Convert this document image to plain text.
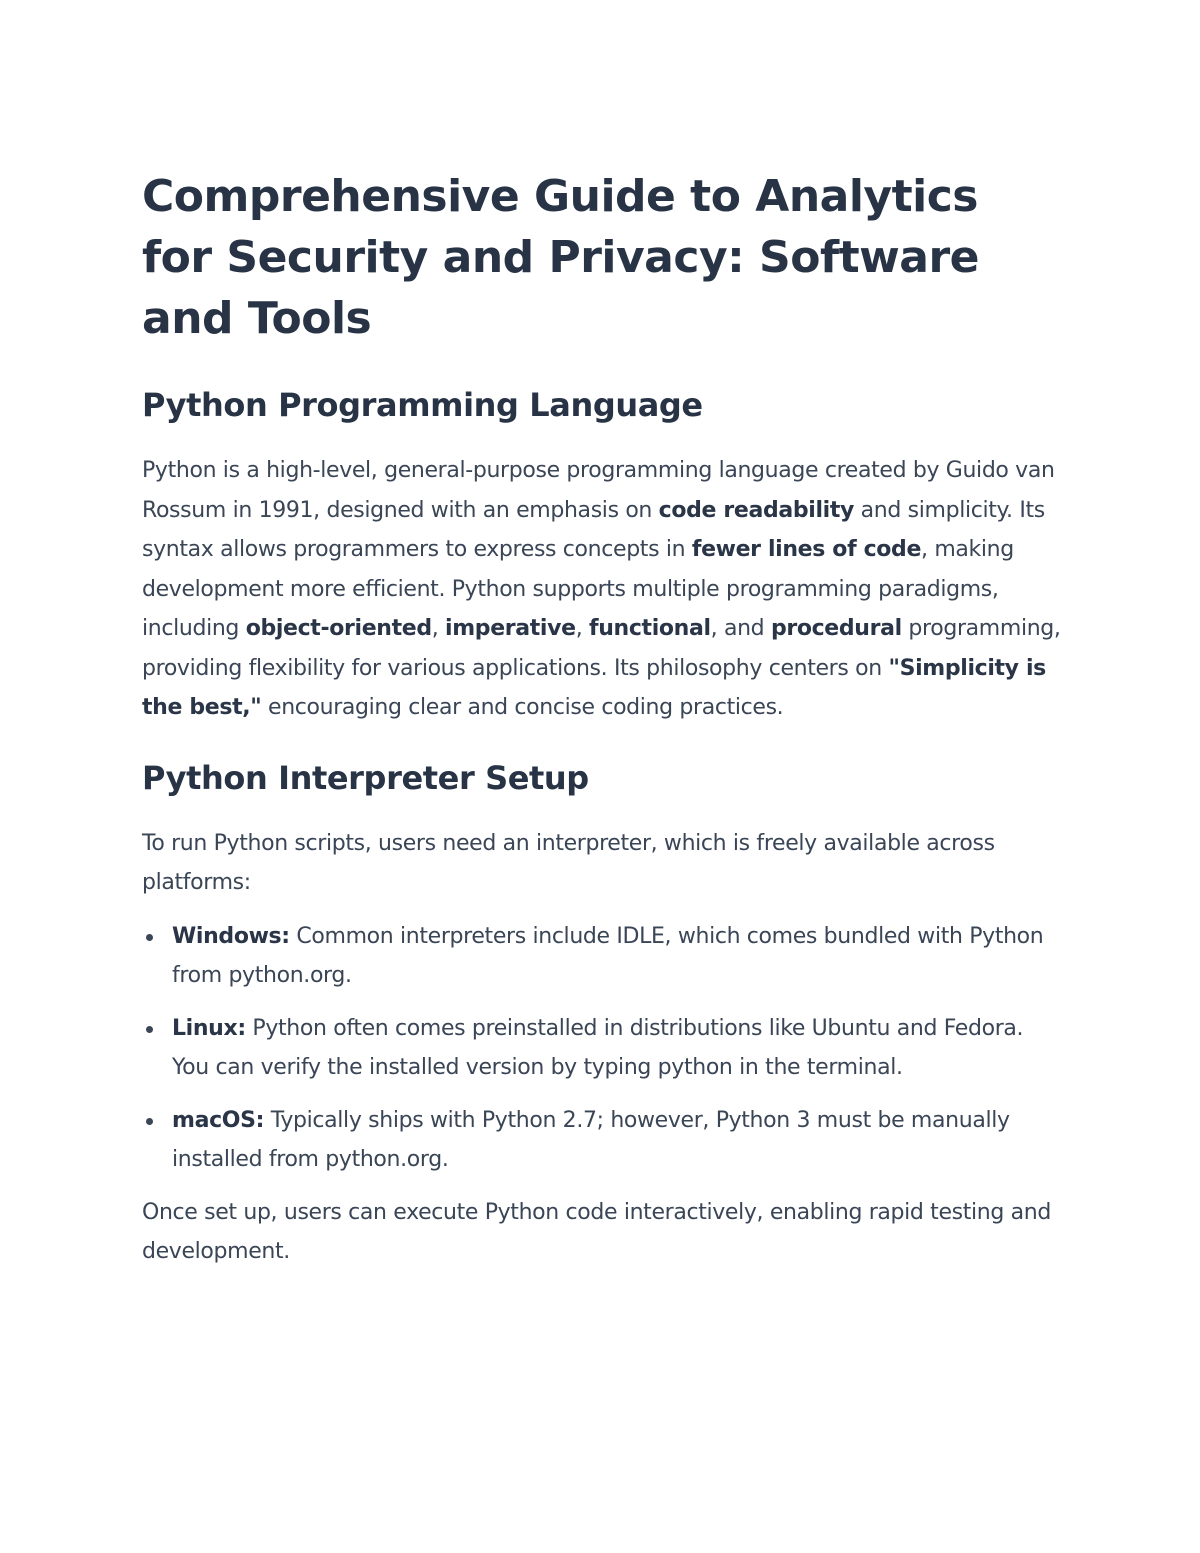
Comprehensive Guide to Analytics for Security and Privacy: Software and Tools
Python Programming Language

Python is a high-level, general-purpose programming language created by Guido van Rossum in 1991, designed with an emphasis on code readability and simplicity. Its syntax allows programmers to express concepts in fewer lines of code, making development more efficient. Python supports multiple programming paradigms, including object-oriented, imperative, functional, and procedural programming, providing flexibility for various applications. Its philosophy centers on "Simplicity is the best," encouraging clear and concise coding practices.

Python Interpreter Setup

To run Python scripts, users need an interpreter, which is freely available across platforms:

Windows: Common interpreters include IDLE, which comes bundled with Python from python.org.
Linux: Python often comes preinstalled in distributions like Ubuntu and Fedora. You can verify the installed version by typing python in the terminal.
macOS: Typically ships with Python 2.7; however, Python 3 must be manually installed from python.org.

Once set up, users can execute Python code interactively, enabling rapid testing and development.
